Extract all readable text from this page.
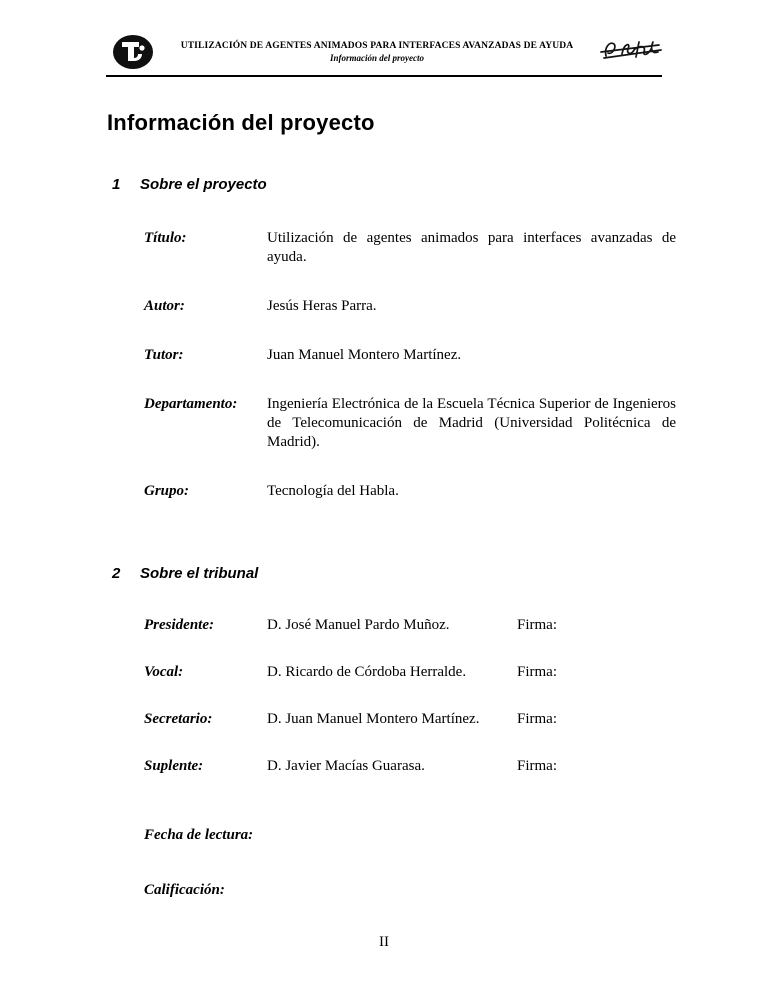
UTILIZACIÓN DE AGENTES ANIMADOS PARA INTERFACES AVANZADAS DE AYUDA
Información del proyecto
Información del proyecto
1	Sobre el proyecto
Título:	Utilización de agentes animados para interfaces avanzadas de ayuda.
Autor:	Jesús Heras Parra.
Tutor:	Juan Manuel Montero Martínez.
Departamento:	Ingeniería Electrónica de la Escuela Técnica Superior de Ingenieros de Telecomunicación de Madrid (Universidad Politécnica de Madrid).
Grupo:	Tecnología del Habla.
2	Sobre el tribunal
Presidente:	D. José Manuel Pardo Muñoz.	Firma:
Vocal:	D. Ricardo de Córdoba Herralde.	Firma:
Secretario:	D. Juan Manuel Montero Martínez.	Firma:
Suplente:	D. Javier Macías Guarasa.	Firma:
Fecha de lectura:
Calificación:
II
